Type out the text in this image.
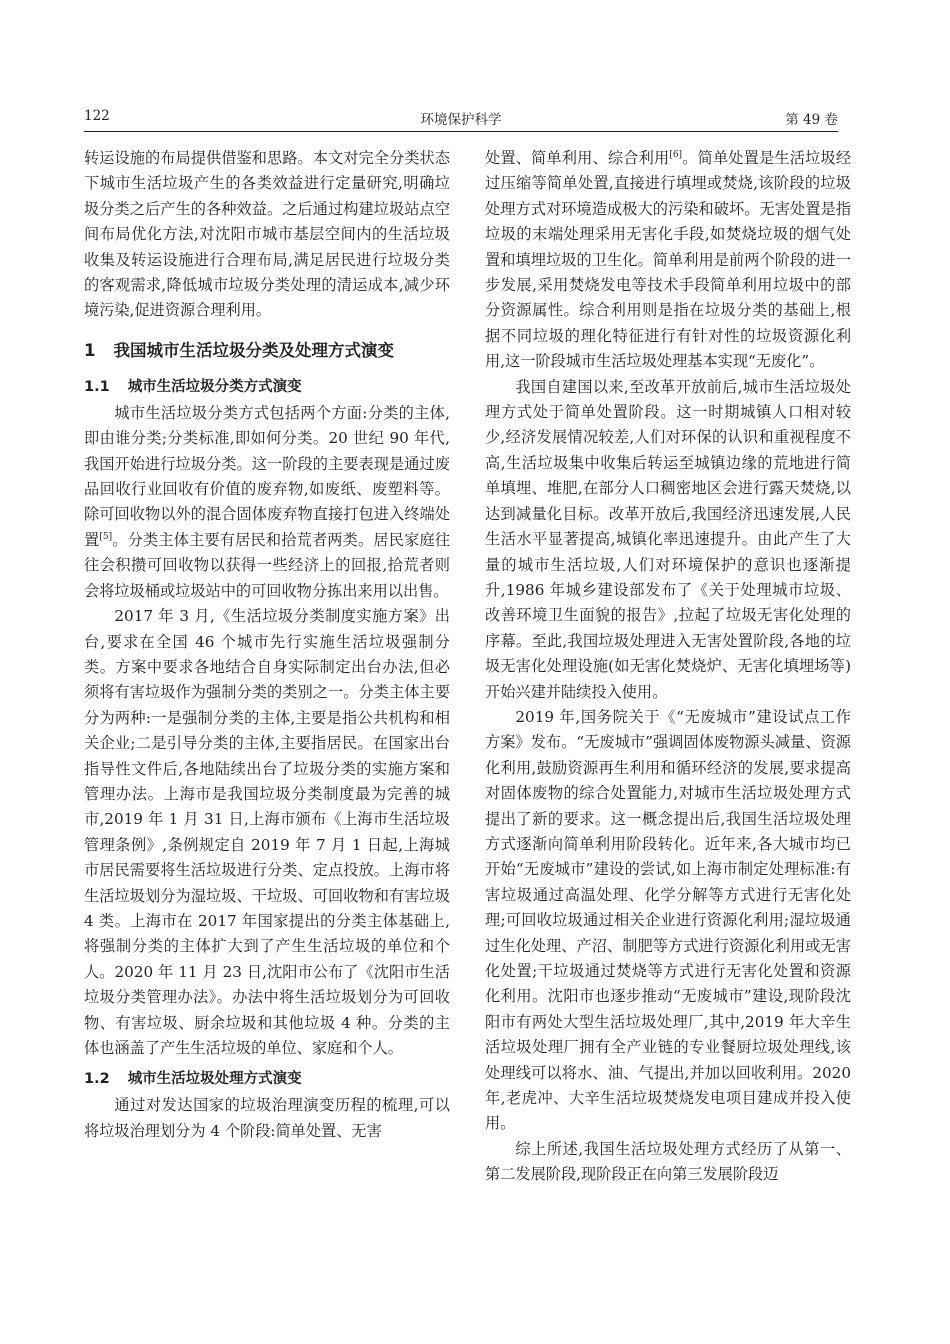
环境保护科学
122	第 49 卷

转运设施的布局提供借鉴和思路。本文对完全分类状态下城市生活垃圾产生的各类效益进行定量研究,明确垃圾分类之后产生的各种效益。之后通过构建垃圾站点空间布局优化方法,对沈阳市城市基层空间内的生活垃圾收集及转运设施进行合理布局,满足居民进行垃圾分类的客观需求,降低城市垃圾分类处理的清运成本,减少环境污染,促进资源合理利用。

1 我国城市生活垃圾分类及处理方式演变

1.1 城市生活垃圾分类方式演变

城市生活垃圾分类方式包括两个方面:分类的主体,即由谁分类;分类标准,即如何分类。20 世纪 90 年代,我国开始进行垃圾分类。这一阶段的主要表现是通过废品回收行业回收有价值的废弃物,如废纸、废塑料等。除可回收物以外的混合固体废弃物直接打包进入终端处置[5]。分类主体主要有居民和拾荒者两类。居民家庭往往会积攒可回收物以获得一些经济上的回报,拾荒者则会将垃圾桶或垃圾站中的可回收物分拣出来用以出售。

2017 年 3 月,《生活垃圾分类制度实施方案》出台,要求在全国 46 个城市先行实施生活垃圾强制分类。方案中要求各地结合自身实际制定出台办法,但必须将有害垃圾作为强制分类的类别之一。分类主体主要分为两种:一是强制分类的主体,主要是指公共机构和相关企业;二是引导分类的主体,主要指居民。在国家出台指导性文件后,各地陆续出台了垃圾分类的实施方案和管理办法。上海市是我国垃圾分类制度最为完善的城市,2019 年 1 月 31 日,上海市颁布《上海市生活垃圾管理条例》,条例规定自 2019 年 7 月 1 日起,上海城市居民需要将生活垃圾进行分类、定点投放。上海市将生活垃圾划分为湿垃圾、干垃圾、可回收物和有害垃圾 4 类。上海市在 2017 年国家提出的分类主体基础上,将强制分类的主体扩大到了产生生活垃圾的单位和个人。2020 年 11 月 23 日,沈阳市公布了《沈阳市生活垃圾分类管理办法》。办法中将生活垃圾划分为可回收物、有害垃圾、厨余垃圾和其他垃圾 4 种。分类的主体也涵盖了产生生活垃圾的单位、家庭和个人。

1.2 城市生活垃圾处理方式演变

通过对发达国家的垃圾治理演变历程的梳理,可以将垃圾治理划分为 4 个阶段:简单处置、无害

处置、简单利用、综合利用[6]。简单处置是生活垃圾经过压缩等简单处置,直接进行填埋或焚烧,该阶段的垃圾处理方式对环境造成极大的污染和破坏。无害处置是指垃圾的末端处理采用无害化手段,如焚烧垃圾的烟气处置和填埋垃圾的卫生化。简单利用是前两个阶段的进一步发展,采用焚烧发电等技术手段简单利用垃圾中的部分资源属性。综合利用则是指在垃圾分类的基础上,根据不同垃圾的理化特征进行有针对性的垃圾资源化利用,这一阶段城市生活垃圾处理基本实现“无废化”。

我国自建国以来,至改革开放前后,城市生活垃圾处理方式处于简单处置阶段。这一时期城镇人口相对较少,经济发展情况较差,人们对环保的认识和重视程度不高,生活垃圾集中收集后转运至城镇边缘的荒地进行简单填埋、堆肥,在部分人口稠密地区会进行露天焚烧,以达到减量化目标。改革开放后,我国经济迅速发展,人民生活水平显著提高,城镇化率迅速提升。由此产生了大量的城市生活垃圾,人们对环境保护的意识也逐渐提升,1986 年城乡建设部发布了《关于处理城市垃圾、改善环境卫生面貌的报告》,拉起了垃圾无害化处理的序幕。至此,我国垃圾处理进入无害处置阶段,各地的垃圾无害化处理设施(如无害化焚烧炉、无害化填埋场等)开始兴建并陆续投入使用。

2019 年,国务院关于《“无废城市”建设试点工作方案》发布。“无废城市”强调固体废物源头减量、资源化利用,鼓励资源再生利用和循环经济的发展,要求提高对固体废物的综合处置能力,对城市生活垃圾处理方式提出了新的要求。这一概念提出后,我国生活垃圾处理方式逐渐向简单利用阶段转化。近年来,各大城市均已开始“无废城市”建设的尝试,如上海市制定处理标准:有害垃圾通过高温处理、化学分解等方式进行无害化处理;可回收垃圾通过相关企业进行资源化利用;湿垃圾通过生化处理、产沼、制肥等方式进行资源化利用或无害化处置;干垃圾通过焚烧等方式进行无害化处置和资源化利用。沈阳市也逐步推动“无废城市”建设,现阶段沈阳市有两处大型生活垃圾处理厂,其中,2019 年大辛生活垃圾处理厂拥有全产业链的专业餐厨垃圾处理线,该处理线可以将水、油、气提出,并加以回收利用。2020 年,老虎冲、大辛生活垃圾焚烧发电项目建成并投入使用。

综上所述,我国生活垃圾处理方式经历了从第一、第二发展阶段,现阶段正在向第三发展阶段迈
